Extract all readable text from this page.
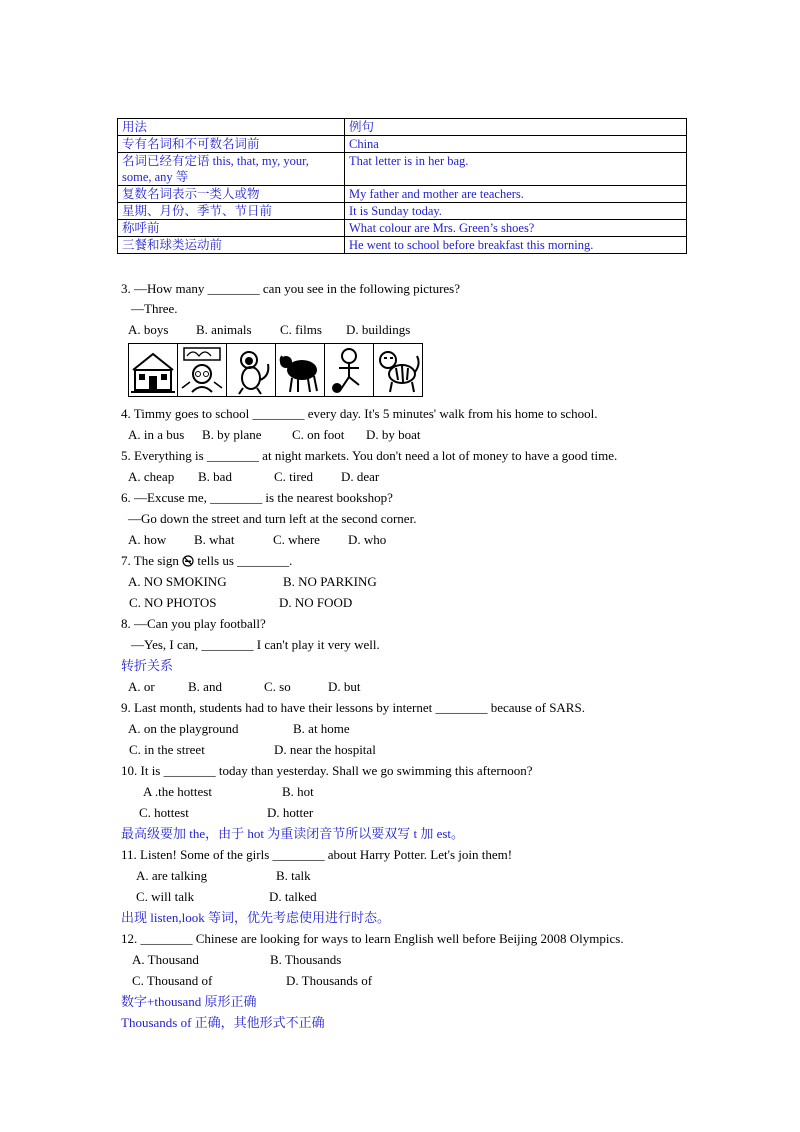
用法	例句
专有名词和不可数名词前	China
名词已经有定语 this, that, my, your, some, any 等	That letter is in her bag.
复数名词表示一类人或物	My father and mother are teachers.
星期、月份、季节、节日前	It is Sunday today.
称呼前	What colour are Mrs. Green’s shoes?
三餐和球类运动前	He went to school before breakfast this morning.
3. —How many ________ can you see in the following pictures?
—Three.
A. boys B. animals C. films D. buildings
4. Timmy goes to school ________ every day. It's 5 minutes' walk from his home to school.
A. in a bus B. by plane C. on foot D. by boat
5. Everything is ________ at night markets. You don't need a lot of money to have a good time.
A. cheap B. bad	C. tired D. dear
6. —Excuse me, ________ is the nearest bookshop?
—Go down the street and turn left at the second corner.
A. how B. what	C. where D. who
7. The sign tells us ________.
A. NO SMOKING	B. NO PARKING
C. NO PHOTOS	D. NO FOOD
8. —Can you play football?
—Yes, I can, ________ I can't play it very well.
转折关系
A. or	B. and	C. so	D. but
9. Last month, students had to have their lessons by internet ________ because of SARS.
A. on the playground	B. at home
C. in the street	D. near the hospital
10. It is ________ today than yesterday. Shall we go swimming this afternoon?
A .the hottest	B. hot
C. hottest	D. hotter
最高级要加 the，由于 hot 为重读闭音节所以要双写 t 加 est。
11. Listen! Some of the girls ________ about Harry Potter. Let's join them!
A. are talking	B. talk
C. will talk	D. talked
出现 listen,look 等词，优先考虑使用进行时态。
12. ________ Chinese are looking for ways to learn English well before Beijing 2008 Olympics.
A. Thousand	B. Thousands
C. Thousand of	D. Thousands of
数字+thousand 原形正确
Thousands of 正确，其他形式不正确
